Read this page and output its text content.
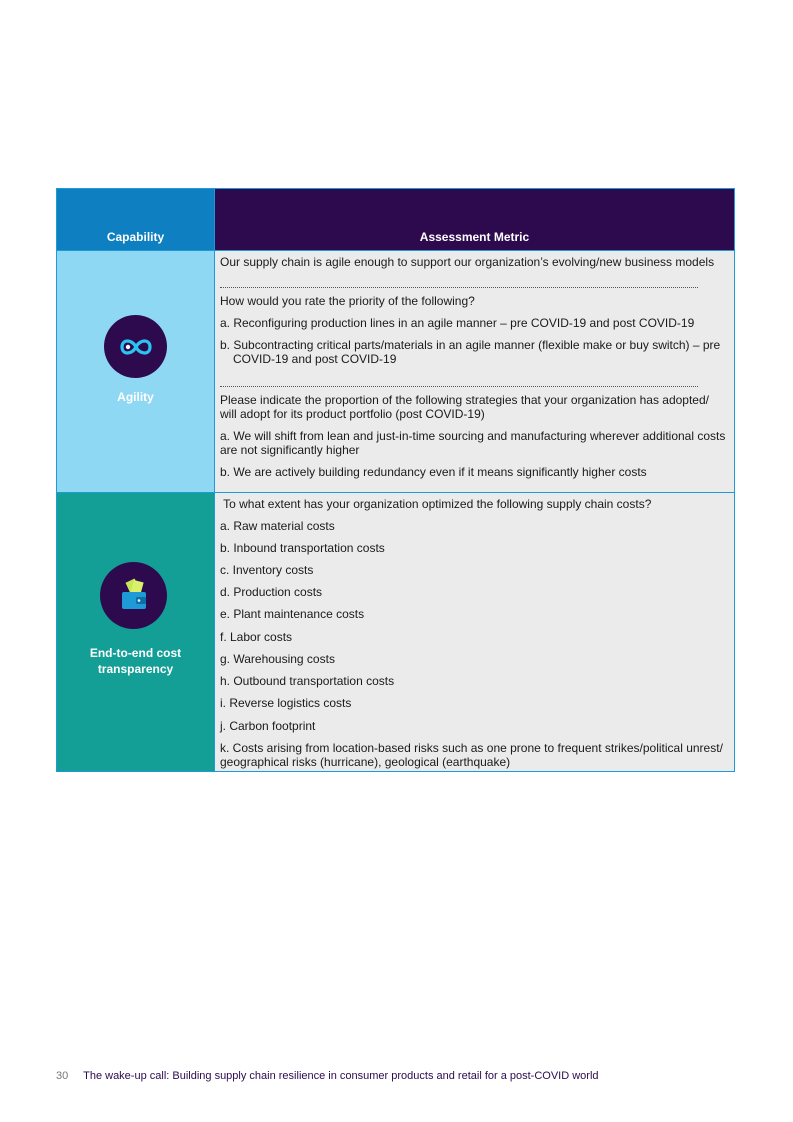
Capability	Assessment Metric
Agility

Our supply chain is agile enough to support our organization’s evolving/new business models

How would you rate the priority of the following?

a. Reconfiguring production lines in an agile manner – pre COVID-19 and post COVID-19

b. Subcontracting critical parts/materials in an agile manner (flexible make or buy switch) – pre

COVID-19 and post COVID-19

Please indicate the proportion of the following strategies that your organization has adopted/

will adopt for its product portfolio (post COVID-19)

a. We will shift from lean and just-in-time sourcing and manufacturing wherever additional costs

are not significantly higher

b. We are actively building redundancy even if it means significantly higher costs

End-to-end cost transparency

To what extent has your organization optimized the following supply chain costs?

a. Raw material costs

b. Inbound transportation costs

c. Inventory costs

d. Production costs

e. Plant maintenance costs

f. Labor costs

g. Warehousing costs

h. Outbound transportation costs

i. Reverse logistics costs

j. Carbon footprint

k. Costs arising from location-based risks such as one prone to frequent strikes/political unrest/

geographical risks (hurricane), geological (earthquake)

30 The wake-up call: Building supply chain resilience in consumer products and retail for a post-COVID world
